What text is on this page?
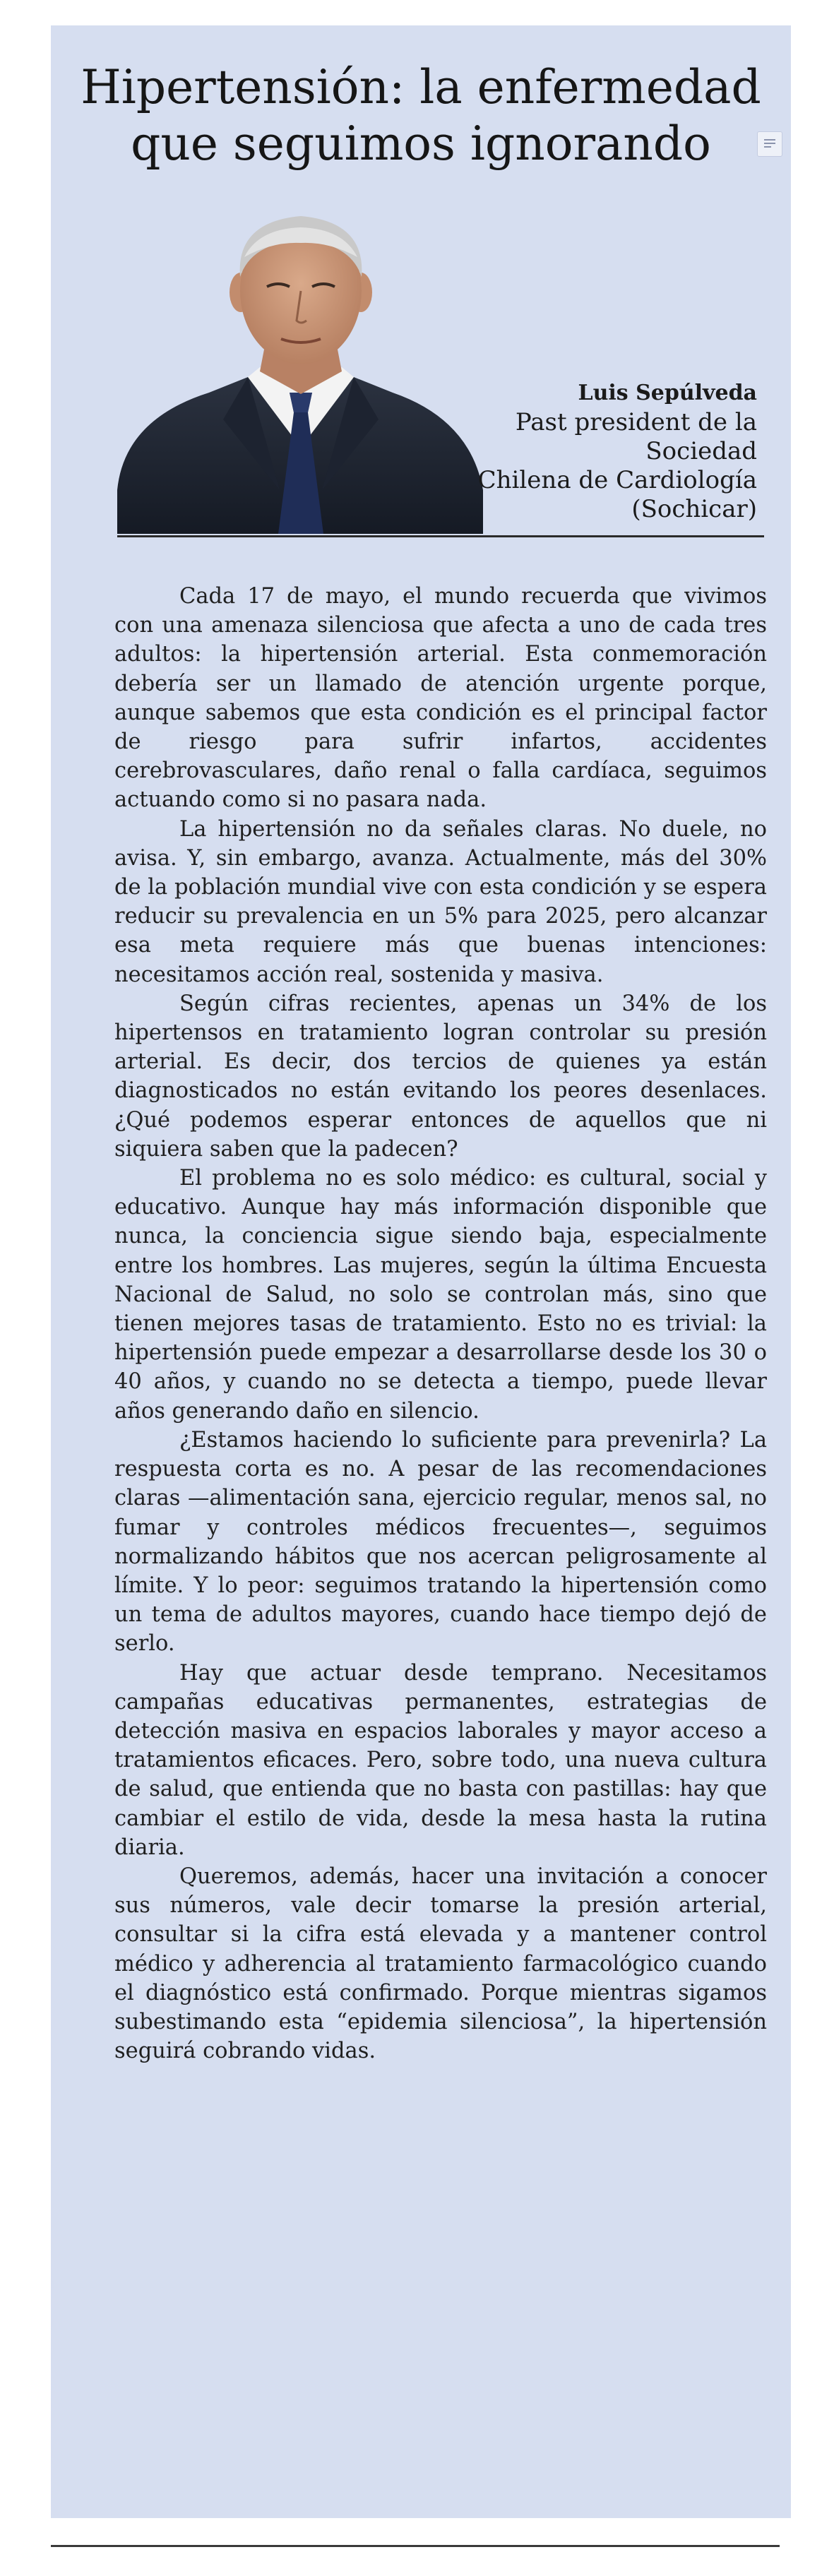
Hipertensión: la enfermedad
que seguimos ignorando
Luis Sepúlveda
Past president de la Sociedad
Chilena de Cardiología
(Sochicar)

Cada 17 de mayo, el mundo recuerda que vivimos con una amenaza silenciosa que afecta a uno de cada tres adultos: la hipertensión arterial. Esta conmemoración debería ser un llamado de atención urgente porque, aunque sabemos que esta condición es el principal factor de riesgo para sufrir infartos, accidentes cerebrovasculares, daño renal o falla cardíaca, seguimos actuando como si no pasara nada.

La hipertensión no da señales claras. No duele, no avisa. Y, sin embargo, avanza. Actualmente, más del 30% de la población mundial vive con esta condición y se espera reducir su prevalencia en un 5% para 2025, pero alcanzar esa meta requiere más que buenas intenciones: necesitamos acción real, sostenida y masiva.

Según cifras recientes, apenas un 34% de los hipertensos en tratamiento logran controlar su presión arterial. Es decir, dos tercios de quienes ya están diagnosticados no están evitando los peores desenlaces. ¿Qué podemos esperar entonces de aquellos que ni siquiera saben que la padecen?

El problema no es solo médico: es cultural, social y educativo. Aunque hay más información disponible que nunca, la conciencia sigue siendo baja, especialmente entre los hombres. Las mujeres, según la última Encuesta Nacional de Salud, no solo se controlan más, sino que tienen mejores tasas de tratamiento. Esto no es trivial: la hipertensión puede empezar a desarrollarse desde los 30 o 40 años, y cuando no se detecta a tiempo, puede llevar años generando daño en silencio.

¿Estamos haciendo lo suficiente para prevenirla? La respuesta corta es no. A pesar de las recomendaciones claras —alimentación sana, ejercicio regular, menos sal, no fumar y controles médicos frecuentes—, seguimos normalizando hábitos que nos acercan peligrosamente al límite. Y lo peor: seguimos tratando la hipertensión como un tema de adultos mayores, cuando hace tiempo dejó de serlo.

Hay que actuar desde temprano. Necesitamos campañas educativas permanentes, estrategias de detección masiva en espacios laborales y mayor acceso a tratamientos eficaces. Pero, sobre todo, una nueva cultura de salud, que entienda que no basta con pastillas: hay que cambiar el estilo de vida, desde la mesa hasta la rutina diaria.

Queremos, además, hacer una invitación a conocer sus números, vale decir tomarse la presión arterial, consultar si la cifra está elevada y a mantener control médico y adherencia al tratamiento farmacológico cuando el diagnóstico está confirmado. Porque mientras sigamos subestimando esta “epidemia silenciosa”, la hipertensión seguirá cobrando vidas.
